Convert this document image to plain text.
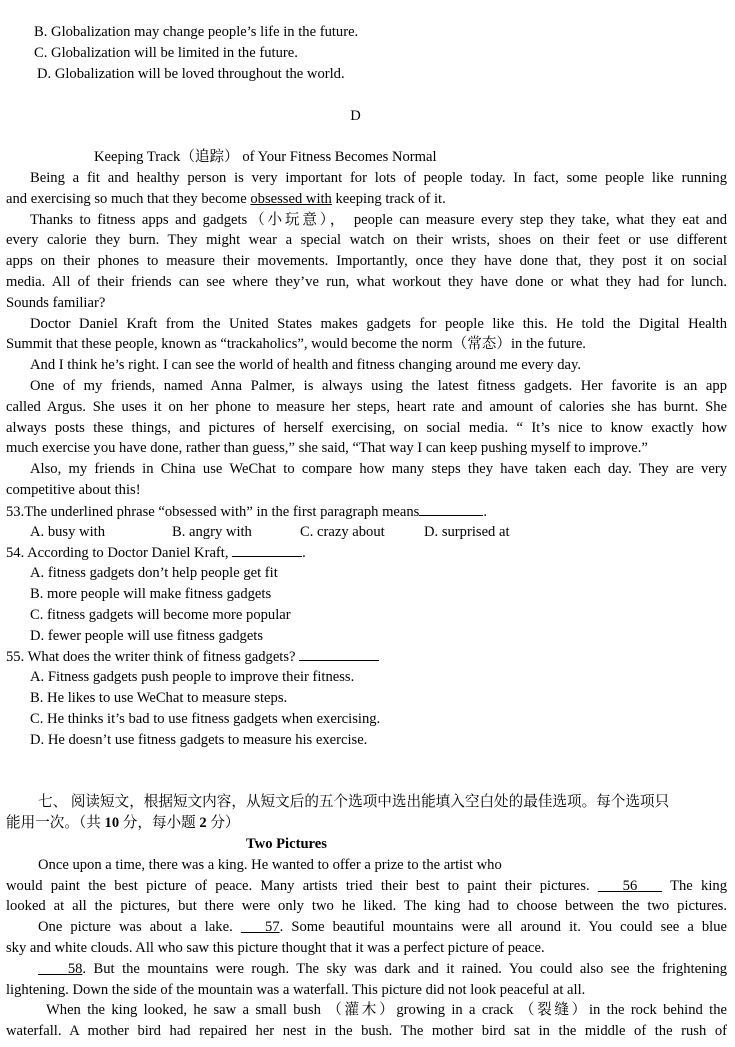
B. Globalization may change people’s life in the future.
C. Globalization will be limited in the future.
D. Globalization will be loved throughout the world.
D
Keeping Track（追踪） of Your Fitness Becomes Normal
Being a fit and healthy person is very important for lots of people today. In fact, some people like running
and exercising so much that they become obsessed with keeping track of it.
Thanks to fitness apps and gadgets（小玩意）， people can measure every step they take, what they eat and
every calorie they burn. They might wear a special watch on their wrists, shoes on their feet or use different
apps on their phones to measure their movements. Importantly, once they have done that, they post it on social
media. All of their friends can see where they’ve run, what workout they have done or what they had for lunch.
Sounds familiar?
Doctor Daniel Kraft from the United States makes gadgets for people like this. He told the Digital Health
Summit that these people, known as “trackaholics”, would become the norm（常态）in the future.
And I think he’s right. I can see the world of health and fitness changing around me every day.
One of my friends, named Anna Palmer, is always using the latest fitness gadgets. Her favorite is an app
called Argus. She uses it on her phone to measure her steps, heart rate and amount of calories she has burnt. She
always posts these things, and pictures of herself exercising, on social media. “ It’s nice to know exactly how
much exercise you have done, rather than guess,” she said, “That way I can keep pushing myself to improve.”
Also, my friends in China use WeChat to compare how many steps they have taken each day. They are very
competitive about this!
53.The underlined phrase “obsessed with” in the first paragraph means	.
A. busy with	B. angry with	C. crazy about	D. surprised at
54. According to Doctor Daniel Kraft,	.
A. fitness gadgets don’t help people get fit
B. more people will make fitness gadgets
C. fitness gadgets will become more popular
D. fewer people will use fitness gadgets
55. What does the writer think of fitness gadgets?
A. Fitness gadgets push people to improve their fitness.
B. He likes to use WeChat to measure steps.
C. He thinks it’s bad to use fitness gadgets when exercising.
D. He doesn’t use fitness gadgets to measure his exercise.
七、 阅读短文，根据短文内容，从短文后的五个选项中选出能填入空白处的最佳选项。每个选项只
能用一次。（共 10 分，每小题 2 分）
Two Pictures
Once upon a time, there was a king. He wanted to offer a prize to the artist who
would paint the best picture of peace. Many artists tried their best to paint their pictures.    56    The king
looked at all the pictures, but there were only two he liked. The king had to choose between the two pictures.
One picture was about a lake.    57. Some beautiful mountains were all around it. You could see a blue
sky and white clouds. All who saw this picture thought that it was a perfect picture of peace.
58. But the mountains were rough. The sky was dark and it rained. You could also see the frightening
lightening. Down the side of the mountain was a waterfall. This picture did not look peaceful at all.
When the king looked, he saw a small bush （灌木）growing in a crack （裂缝）in the rock behind the
waterfall. A mother bird had repaired her nest in the bush. The mother bird sat in the middle of the rush of
